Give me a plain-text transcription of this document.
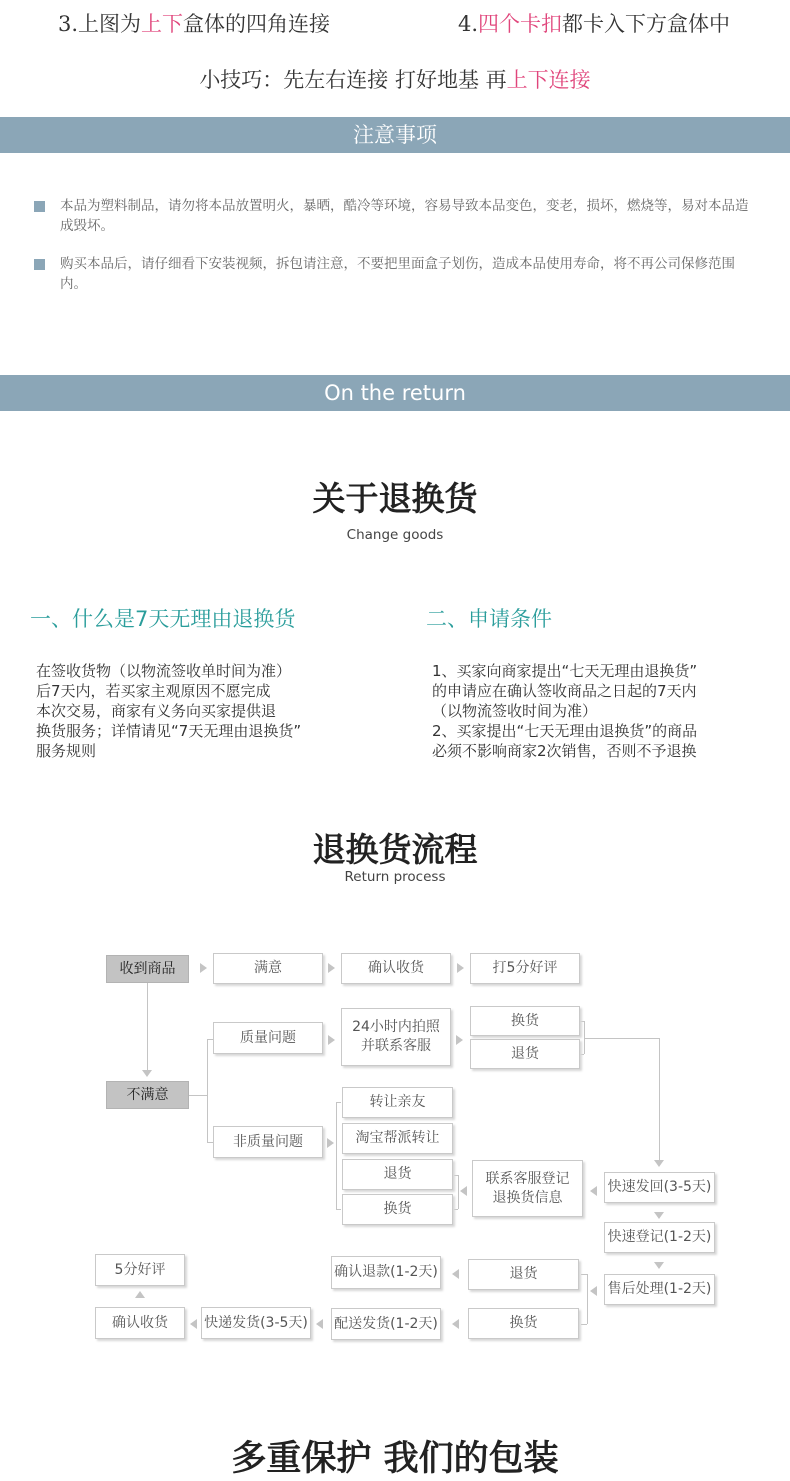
3.上图为上下盒体的四角连接	4.四个卡扣都卡入下方盒体中
小技巧：先左右连接 打好地基 再上下连接
注意事项
本品为塑料制品，请勿将本品放置明火，暴晒，酷冷等环境，容易导致本品变色，变老，损坏，燃烧等，易对本品造成毁坏。
购买本品后，请仔细看下安装视频，拆包请注意，不要把里面盒子划伤，造成本品使用寿命，将不再公司保修范围内。
On the return
关于退换货
Change goods
一、什么是7天无理由退换货
在签收货物（以物流签收单时间为准）
后7天内，若买家主观原因不愿完成
本次交易，商家有义务向买家提供退
换货服务；详情请见“7天无理由退换货”
服务规则
二、申请条件
1、买家向商家提出“七天无理由退换货”
的申请应在确认签收商品之日起的7天内
（以物流签收时间为准）
2、买家提出“七天无理由退换货”的商品
必须不影响商家2次销售，否则不予退换
退换货流程
Return process
收到商品	满意	确认收货	打5分好评
不满意
质量问题
24小时内拍照
并联系客服
换货
退货
非质量问题
转让亲友
淘宝帮派转让
退货
换货
联系客服登记
退换货信息
快速发回(3-5天)
快速登记(1-2天)
售后处理(1-2天)
退货
换货
确认退款(1-2天)
配送发货(1-2天)
快递发货(3-5天)
确认收货
5分好评
多重保护 我们的包装
